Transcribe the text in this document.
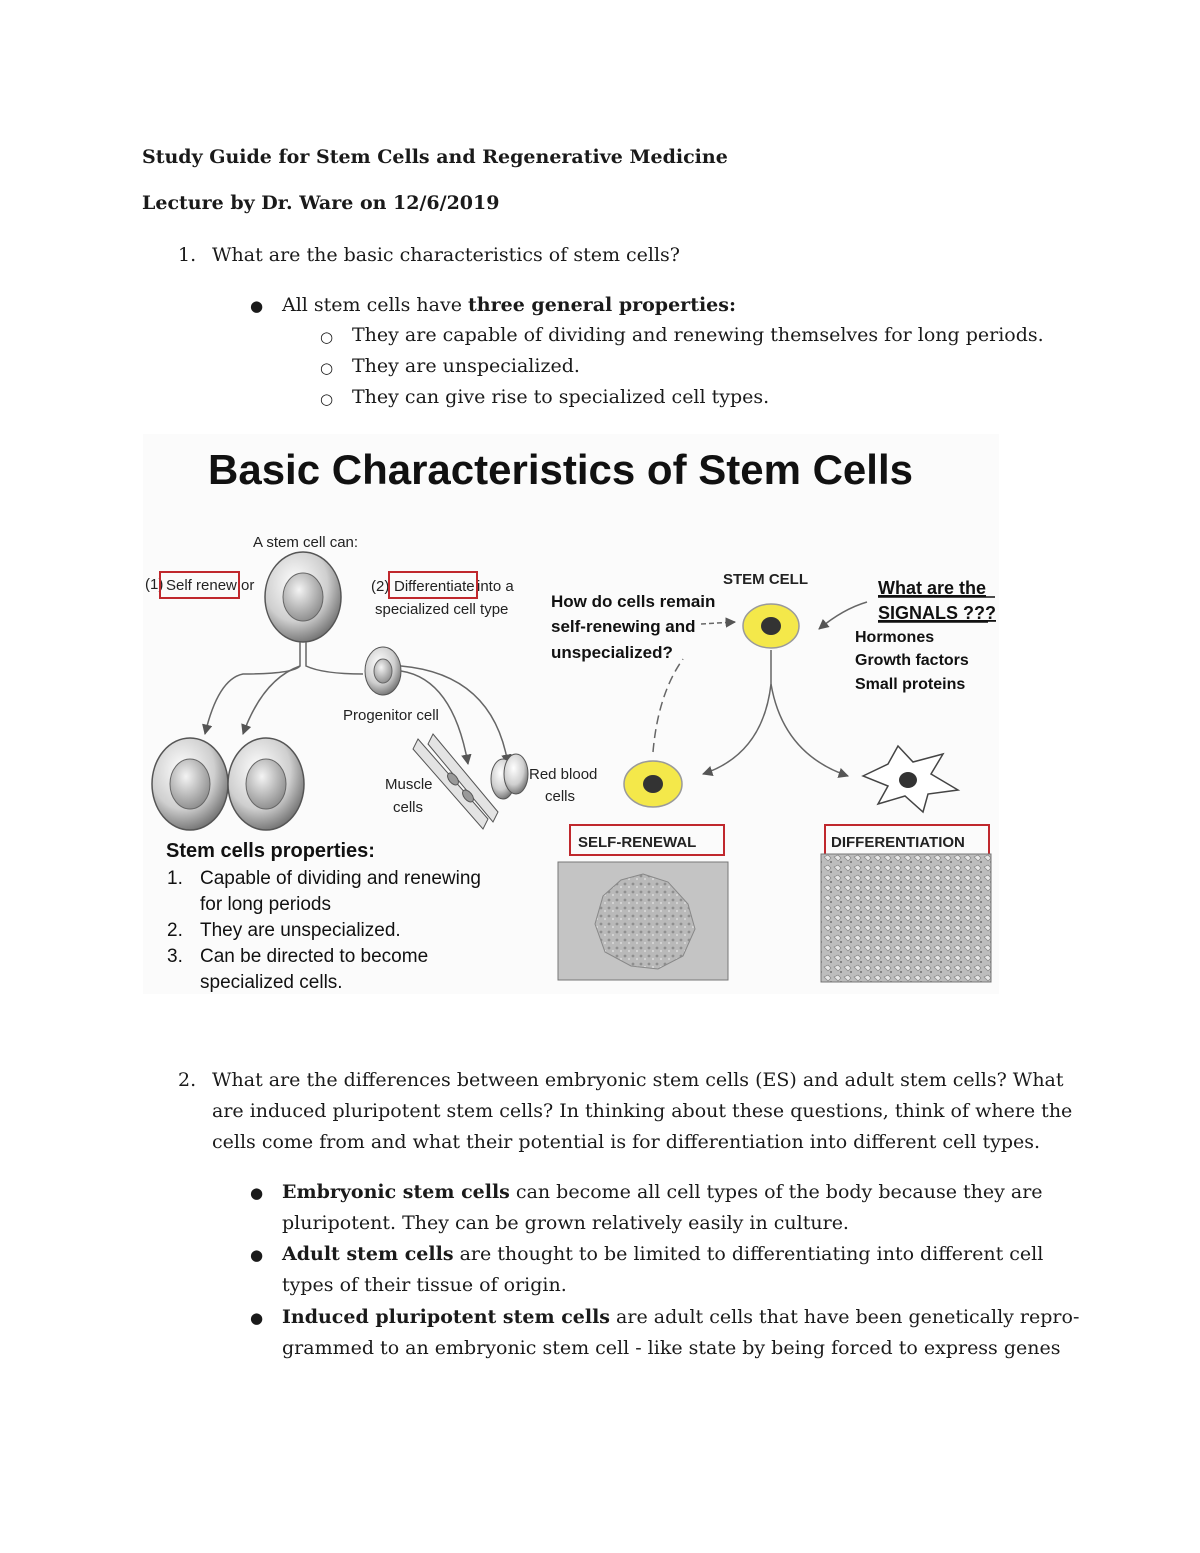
Study Guide for Stem Cells and Regenerative Medicine
Lecture by Dr. Ware on 12/6/2019
1. What are the basic characteristics of stem cells?
● All stem cells have three general properties:
○ They are capable of dividing and renewing themselves for long periods.
○ They are unspecialized.
○ They can give rise to specialized cell types.
Basic Characteristics of Stem Cells
A stem cell can:
(1) Self renew or	(2) Differentiate into a
specialized cell type
Progenitor cell
Muscle
cells
Red blood
cells
Stem cells properties:
1. Capable of dividing and renewing
for long periods
2. They are unspecialized.
3. Can be directed to become
specialized cells.
STEM CELL
How do cells remain
self-renewing and
unspecialized?
What are the
SIGNALS ???
Hormones
Growth factors
Small proteins
SELF-RENEWAL	DIFFERENTIATION
2. What are the differences between embryonic stem cells (ES) and adult stem cells? What
are induced pluripotent stem cells? In thinking about these questions, think of where the
cells come from and what their potential is for differentiation into different cell types.
● Embryonic stem cells can become all cell types of the body because they are
pluripotent. They can be grown relatively easily in culture.
● Adult stem cells are thought to be limited to differentiating into different cell
types of their tissue of origin.
● Induced pluripotent stem cells are adult cells that have been genetically repro-
grammed to an embryonic stem cell - like state by being forced to express genes
